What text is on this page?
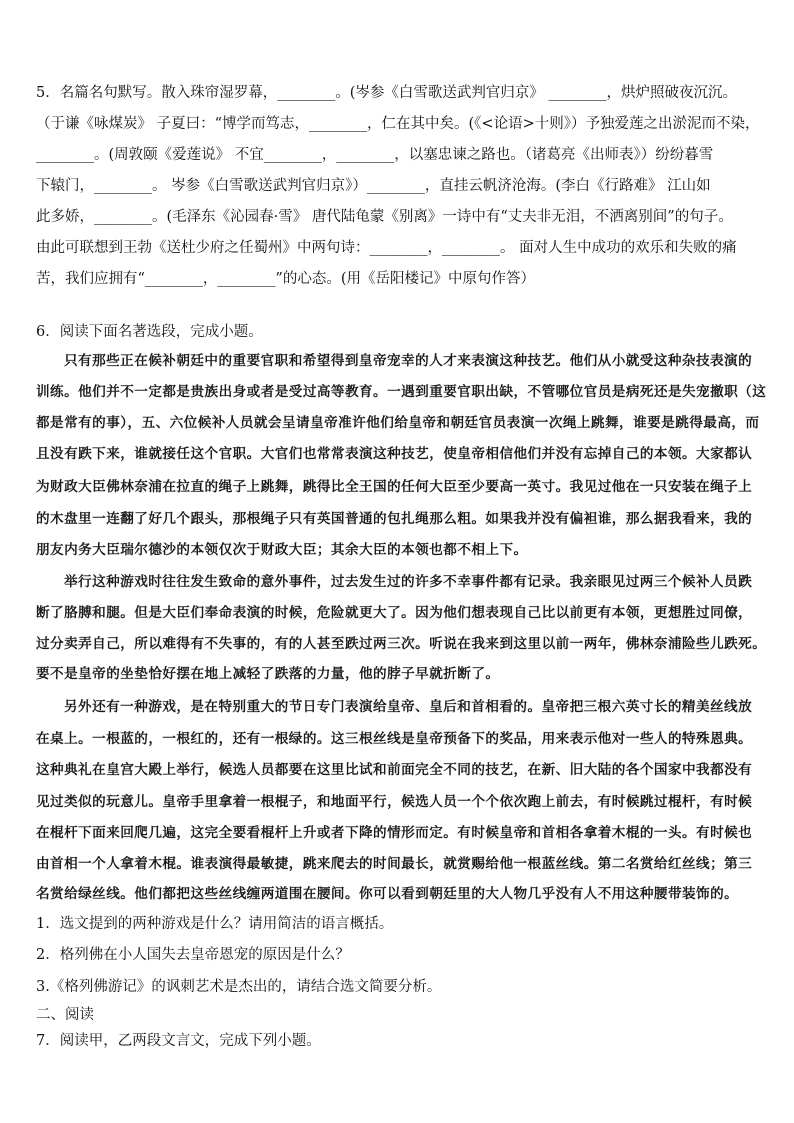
5．名篇名句默写。散入珠帘湿罗幕，________。(岑参《白雪歌送武判官归京》 ________，烘炉照破夜沉沉。
（于谦《咏煤炭》 子夏曰：“博学而笃志，________，仁在其中矣。(《<论语>十则》）予独爱莲之出淤泥而不染，
________。(周敦颐《爱莲说》 不宜________，________，以塞忠谏之路也。（诸葛亮《出师表》）纷纷暮雪
下辕门，________。 岑参《白雪歌送武判官归京》）________，直挂云帆济沧海。(李白《行路难》 江山如
此多娇，________。(毛泽东《沁园春·雪》 唐代陆龟蒙《别离》一诗中有“丈夫非无泪，不洒离别间”的句子。
由此可联想到王勃《送杜少府之任蜀州》中两句诗：________，________。 面对人生中成功的欢乐和失败的痛
苦，我们应拥有“________，________”的心态。(用《岳阳楼记》中原句作答）
6．阅读下面名著选段，完成小题。
只有那些正在候补朝廷中的重要官职和希望得到皇帝宠幸的人才来表演这种技艺。他们从小就受这种杂技表演的
训练。他们并不一定都是贵族出身或者是受过高等教育。一遇到重要官职出缺，不管哪位官员是病死还是失宠撤职（这
都是常有的事），五、六位候补人员就会呈请皇帝准许他们给皇帝和朝廷官员表演一次绳上跳舞，谁要是跳得最高，而
且没有跌下来，谁就接任这个官职。大官们也常常表演这种技艺，使皇帝相信他们并没有忘掉自己的本领。大家都认
为财政大臣佛林奈浦在拉直的绳子上跳舞，跳得比全王国的任何大臣至少要高一英寸。我见过他在一只安装在绳子上
的木盘里一连翻了好几个跟头，那根绳子只有英国普通的包扎绳那么粗。如果我并没有偏袒谁，那么据我看来，我的
朋友内务大臣瑞尔德沙的本领仅次于财政大臣；其余大臣的本领也都不相上下。
举行这种游戏时往往发生致命的意外事件，过去发生过的许多不幸事件都有记录。我亲眼见过两三个候补人员跌
断了胳膊和腿。但是大臣们奉命表演的时候，危险就更大了。因为他们想表现自己比以前更有本领，更想胜过同僚，
过分卖弄自己，所以难得有不失事的，有的人甚至跌过两三次。听说在我来到这里以前一两年，佛林奈浦险些儿跌死。
要不是皇帝的坐垫恰好摆在地上减轻了跌落的力量，他的脖子早就折断了。
另外还有一种游戏，是在特别重大的节日专门表演给皇帝、皇后和首相看的。皇帝把三根六英寸长的精美丝线放
在桌上。一根蓝的，一根红的，还有一根绿的。这三根丝线是皇帝预备下的奖品，用来表示他对一些人的特殊恩典。
这种典礼在皇宫大殿上举行，候选人员都要在这里比试和前面完全不同的技艺，在新、旧大陆的各个国家中我都没有
见过类似的玩意儿。皇帝手里拿着一根棍子，和地面平行，候选人员一个个依次跑上前去，有时候跳过棍杆，有时候
在棍杆下面来回爬几遍，这完全要看棍杆上升或者下降的情形而定。有时候皇帝和首相各拿着木棍的一头。有时候也
由首相一个人拿着木棍。谁表演得最敏捷，跳来爬去的时间最长，就赏赐给他一根蓝丝线。第二名赏给红丝线；第三
名赏给绿丝线。他们都把这些丝线缠两道围在腰间。你可以看到朝廷里的大人物几乎没有人不用这种腰带装饰的。
1．选文提到的两种游戏是什么？请用简洁的语言概括。
2．格列佛在小人国失去皇帝恩宠的原因是什么？
3.《格列佛游记》的讽刺艺术是杰出的，请结合选文简要分析。
二、阅读
7．阅读甲，乙两段文言文，完成下列小题。
